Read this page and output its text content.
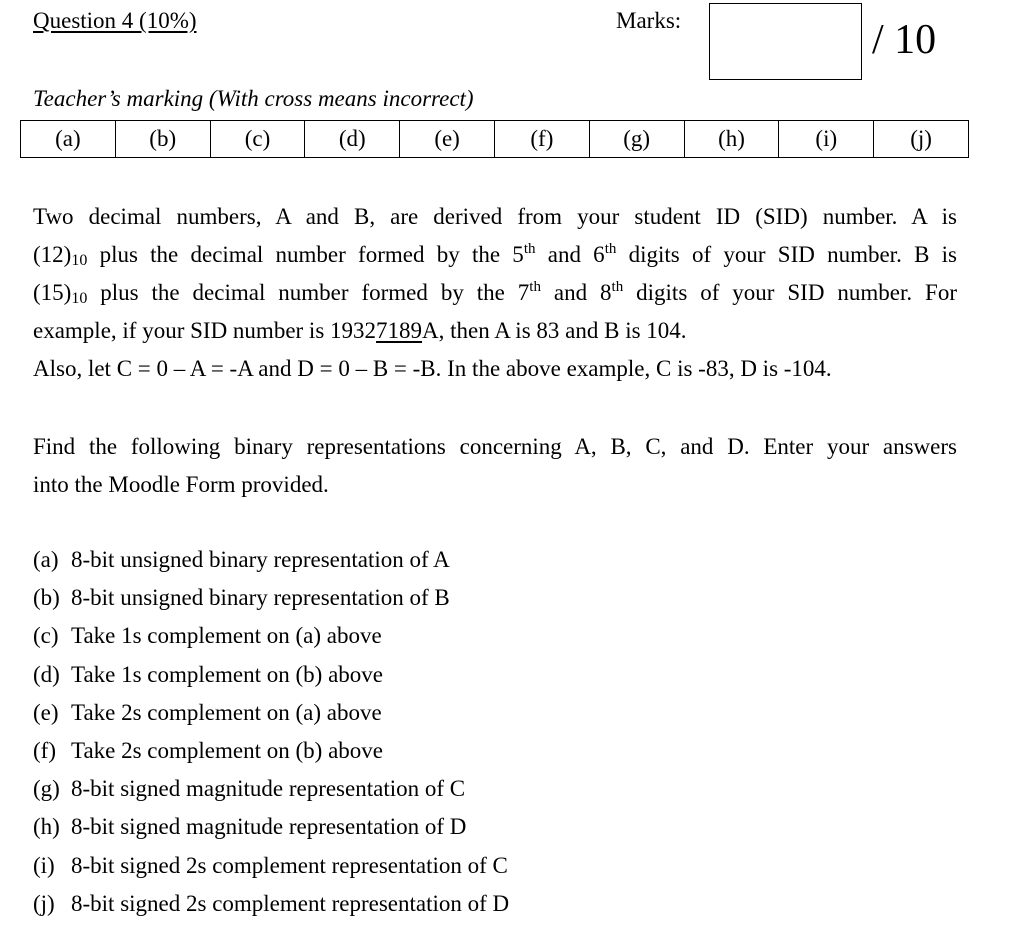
Question 4 (10%)	Marks:	/ 10
Teacher’s marking (With cross means incorrect)
(a)	(b)	(c)	(d)	(e)	(f)	(g)	(h)	(i)	(j)
Two decimal numbers, A and B, are derived from your student ID (SID) number. A is
(12)10 plus the decimal number formed by the 5th and 6th digits of your SID number. B is
(15)10 plus the decimal number formed by the 7th and 8th digits of your SID number. For
example, if your SID number is 19327189A, then A is 83 and B is 104.
Also, let C = 0 – A = -A and D = 0 – B = -B. In the above example, C is -83, D is -104.
Find the following binary representations concerning A, B, C, and D. Enter your answers
into the Moodle Form provided.
(a) 8-bit unsigned binary representation of A
(b) 8-bit unsigned binary representation of B
(c) Take 1s complement on (a) above
(d) Take 1s complement on (b) above
(e) Take 2s complement on (a) above
(f) Take 2s complement on (b) above
(g) 8-bit signed magnitude representation of C
(h) 8-bit signed magnitude representation of D
(i) 8-bit signed 2s complement representation of C
(j) 8-bit signed 2s complement representation of D
